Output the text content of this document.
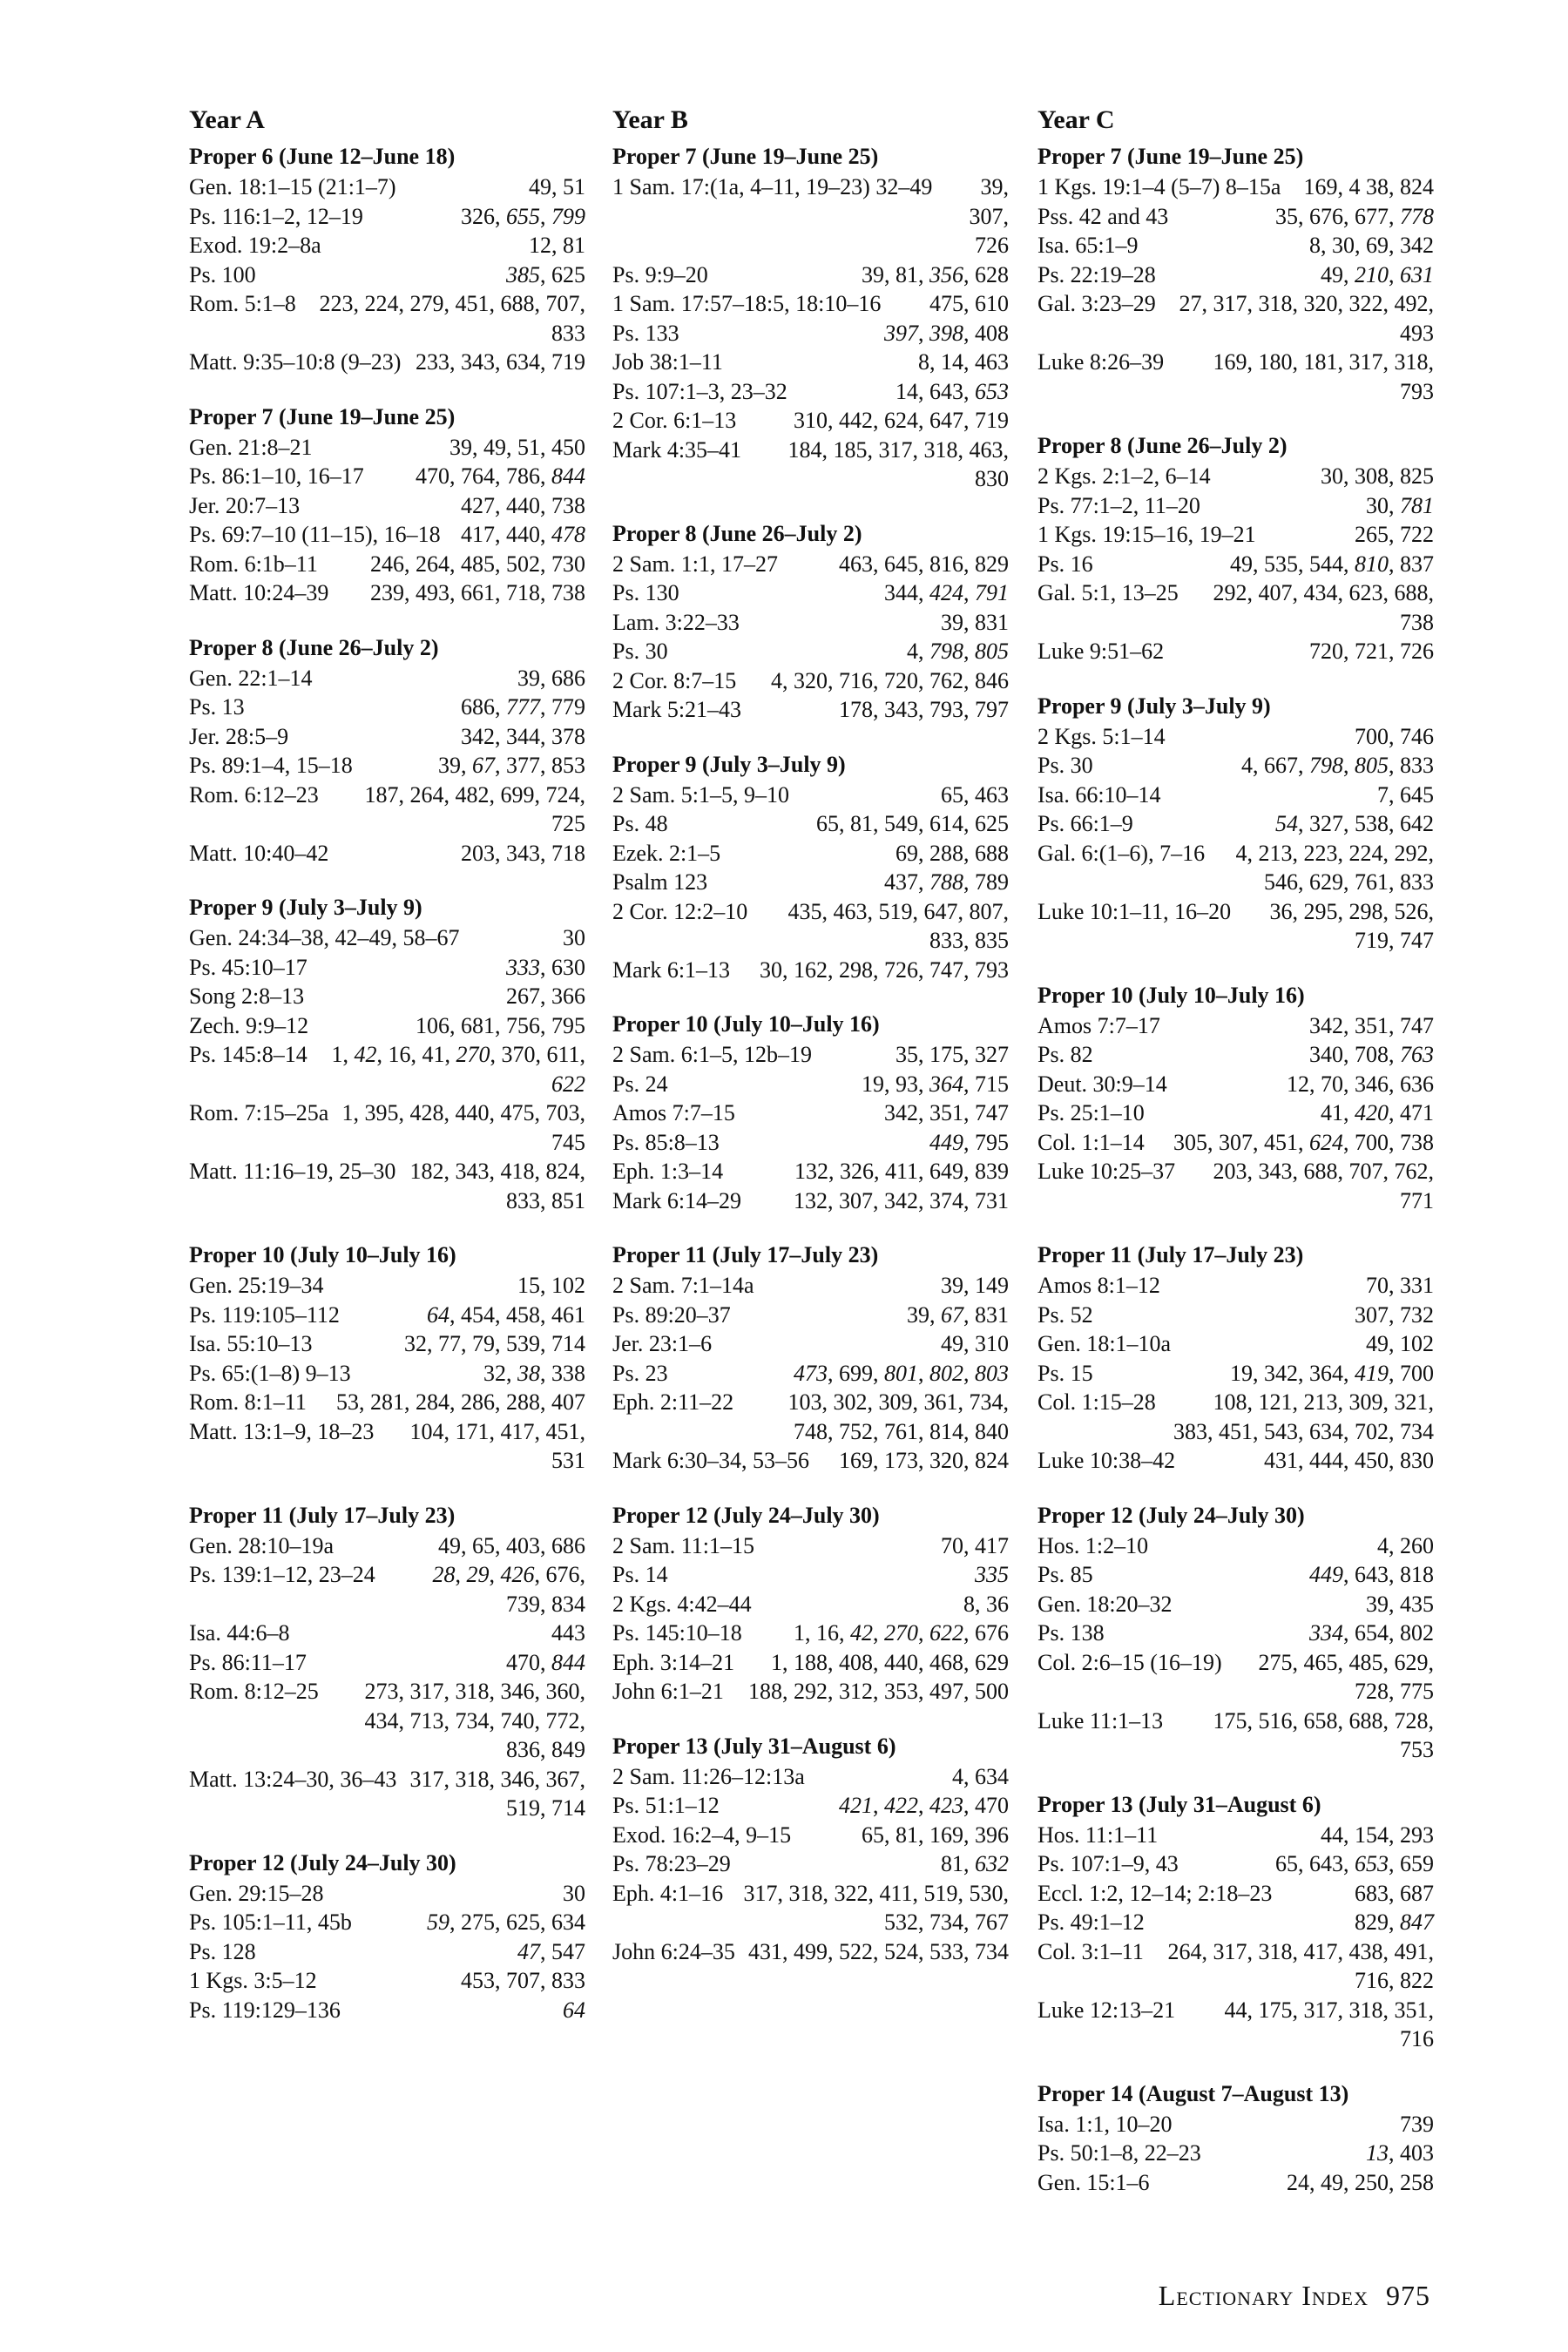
Year A
Proper 6 (June 12–June 18)
Gen. 18:1–15 (21:1–7)	49, 51
Ps. 116:1–2, 12–19	326, 655, 799
Exod. 19:2–8a	12, 81
Ps. 100	385, 625
Rom. 5:1–8	223, 224, 279, 451, 688, 707, 833
Matt. 9:35–10:8 (9–23) 233, 343, 634, 719
Proper 7 (June 19–June 25)
Gen. 21:8–21	39, 49, 51, 450
Ps. 86:1–10, 16–17	470, 764, 786, 844
Jer. 20:7–13	427, 440, 738
Ps. 69:7–10 (11–15), 16–18 417, 440, 478
Rom. 6:1b–11	246, 264, 485, 502, 730
Matt. 10:24–39	239, 493, 661, 718, 738
Proper 8 (June 26–July 2)
Gen. 22:1–14	39, 686
Ps. 13	686, 777, 779
Jer. 28:5–9	342, 344, 378
Ps. 89:1–4, 15–18	39, 67, 377, 853
Rom. 6:12–23	187, 264, 482, 699, 724, 725
Matt. 10:40–42	203, 343, 718
Proper 9 (July 3–July 9)
Gen. 24:34–38, 42–49, 58–67	30
Ps. 45:10–17	333, 630
Song 2:8–13	267, 366
Zech. 9:9–12	106, 681, 756, 795
Ps. 145:8–14	1, 42, 16, 41, 270, 370, 611, 622
Rom. 7:15–25a 1, 395, 428, 440, 475, 703, 745
Matt. 11:16–19, 25–30 182, 343, 418, 824, 833, 851
Proper 10 (July 10–July 16)
Gen. 25:19–34	15, 102
Ps. 119:105–112	64, 454, 458, 461
Isa. 55:10–13	32, 77, 79, 539, 714
Ps. 65:(1–8) 9–13	32, 38, 338
Rom. 8:1–11	53, 281, 284, 286, 288, 407
Matt. 13:1–9, 18–23	104, 171, 417, 451, 531
Proper 11 (July 17–July 23)
Gen. 28:10–19a	49, 65, 403, 686
Ps. 139:1–12, 23–24	28, 29, 426, 676, 739, 834
Isa. 44:6–8	443
Ps. 86:11–17	470, 844
Rom. 8:12–25	273, 317, 318, 346, 360, 434, 713, 734, 740, 772, 836, 849
Matt. 13:24–30, 36–43 317, 318, 346, 367, 519, 714
Proper 12 (July 24–July 30)
Gen. 29:15–28	30
Ps. 105:1–11, 45b	59, 275, 625, 634
Ps. 128	47, 547
1 Kgs. 3:5–12	453, 707, 833
Ps. 119:129–136	64
Year B
Proper 7 (June 19–June 25)
1 Sam. 17:(1a, 4–11, 19–23) 32–49	39, 307, 726
Ps. 9:9–20	39, 81, 356, 628
1 Sam. 17:57–18:5, 18:10–16	475, 610
Ps. 133	397, 398, 408
Job 38:1–11	8, 14, 463
Ps. 107:1–3, 23–32	14, 643, 653
2 Cor. 6:1–13	310, 442, 624, 647, 719
Mark 4:35–41	184, 185, 317, 318, 463, 830
Proper 8 (June 26–July 2)
2 Sam. 1:1, 17–27	463, 645, 816, 829
Ps. 130	344, 424, 791
Lam. 3:22–33	39, 831
Ps. 30	4, 798, 805
2 Cor. 8:7–15	4, 320, 716, 720, 762, 846
Mark 5:21–43	178, 343, 793, 797
Proper 9 (July 3–July 9)
2 Sam. 5:1–5, 9–10	65, 463
Ps. 48	65, 81, 549, 614, 625
Ezek. 2:1–5	69, 288, 688
Psalm 123	437, 788, 789
2 Cor. 12:2–10	435, 463, 519, 647, 807, 833, 835
Mark 6:1–13	30, 162, 298, 726, 747, 793
Proper 10 (July 10–July 16)
2 Sam. 6:1–5, 12b–19	35, 175, 327
Ps. 24	19, 93, 364, 715
Amos 7:7–15	342, 351, 747
Ps. 85:8–13	449, 795
Eph. 1:3–14	132, 326, 411, 649, 839
Mark 6:14–29	132, 307, 342, 374, 731
Proper 11 (July 17–July 23)
2 Sam. 7:1–14a	39, 149
Ps. 89:20–37	39, 67, 831
Jer. 23:1–6	49, 310
Ps. 23	473, 699, 801, 802, 803
Eph. 2:11–22	103, 302, 309, 361, 734, 748, 752, 761, 814, 840
Mark 6:30–34, 53–56	169, 173, 320, 824
Proper 12 (July 24–July 30)
2 Sam. 11:1–15	70, 417
Ps. 14	335
2 Kgs. 4:42–44	8, 36
Ps. 145:10–18	1, 16, 42, 270, 622, 676
Eph. 3:14–21	1, 188, 408, 440, 468, 629
John 6:1–21	188, 292, 312, 353, 497, 500
Proper 13 (July 31–August 6)
2 Sam. 11:26–12:13a	4, 634
Ps. 51:1–12	421, 422, 423, 470
Exod. 16:2–4, 9–15	65, 81, 169, 396
Ps. 78:23–29	81, 632
Eph. 4:1–16 317, 318, 322, 411, 519, 530, 532, 734, 767
John 6:24–35 431, 499, 522, 524, 533, 734
Year C
Proper 7 (June 19–June 25)
1 Kgs. 19:1–4 (5–7) 8–15a	169, 4 38, 824
Pss. 42 and 43	35, 676, 677, 778
Isa. 65:1–9	8, 30, 69, 342
Ps. 22:19–28	49, 210, 631
Gal. 3:23–29	27, 317, 318, 320, 322, 492, 493
Luke 8:26–39	169, 180, 181, 317, 318, 793
Proper 8 (June 26–July 2)
2 Kgs. 2:1–2, 6–14	30, 308, 825
Ps. 77:1–2, 11–20	30, 781
1 Kgs. 19:15–16, 19–21	265, 722
Ps. 16	49, 535, 544, 810, 837
Gal. 5:1, 13–25	292, 407, 434, 623, 688, 738
Luke 9:51–62	720, 721, 726
Proper 9 (July 3–July 9)
2 Kgs. 5:1–14	700, 746
Ps. 30	4, 667, 798, 805, 833
Isa. 66:10–14	7, 645
Ps. 66:1–9	54, 327, 538, 642
Gal. 6:(1–6), 7–16	4, 213, 223, 224, 292, 546, 629, 761, 833
Luke 10:1–11, 16–20	36, 295, 298, 526, 719, 747
Proper 10 (July 10–July 16)
Amos 7:7–17	342, 351, 747
Ps. 82	340, 708, 763
Deut. 30:9–14	12, 70, 346, 636
Ps. 25:1–10	41, 420, 471
Col. 1:1–14	305, 307, 451, 624, 700, 738
Luke 10:25–37	203, 343, 688, 707, 762, 771
Proper 11 (July 17–July 23)
Amos 8:1–12	70, 331
Ps. 52	307, 732
Gen. 18:1–10a	49, 102
Ps. 15	19, 342, 364, 419, 700
Col. 1:15–28	108, 121, 213, 309, 321, 383, 451, 543, 634, 702, 734
Luke 10:38–42	431, 444, 450, 830
Proper 12 (July 24–July 30)
Hos. 1:2–10	4, 260
Ps. 85	449, 643, 818
Gen. 18:20–32	39, 435
Ps. 138	334, 654, 802
Col. 2:6–15 (16–19)	275, 465, 485, 629, 728, 775
Luke 11:1–13	175, 516, 658, 688, 728, 753
Proper 13 (July 31–August 6)
Hos. 11:1–11	44, 154, 293
Ps. 107:1–9, 43	65, 643, 653, 659
Eccl. 1:2, 12–14; 2:18–23	683, 687
Ps. 49:1–12	829, 847
Col. 3:1–11	264, 317, 318, 417, 438, 491, 716, 822
Luke 12:13–21	44, 175, 317, 318, 351, 716
Proper 14 (August 7–August 13)
Isa. 1:1, 10–20	739
Ps. 50:1–8, 22–23	13, 403
Gen. 15:1–6	24, 49, 250, 258
Lectionary Index 975
